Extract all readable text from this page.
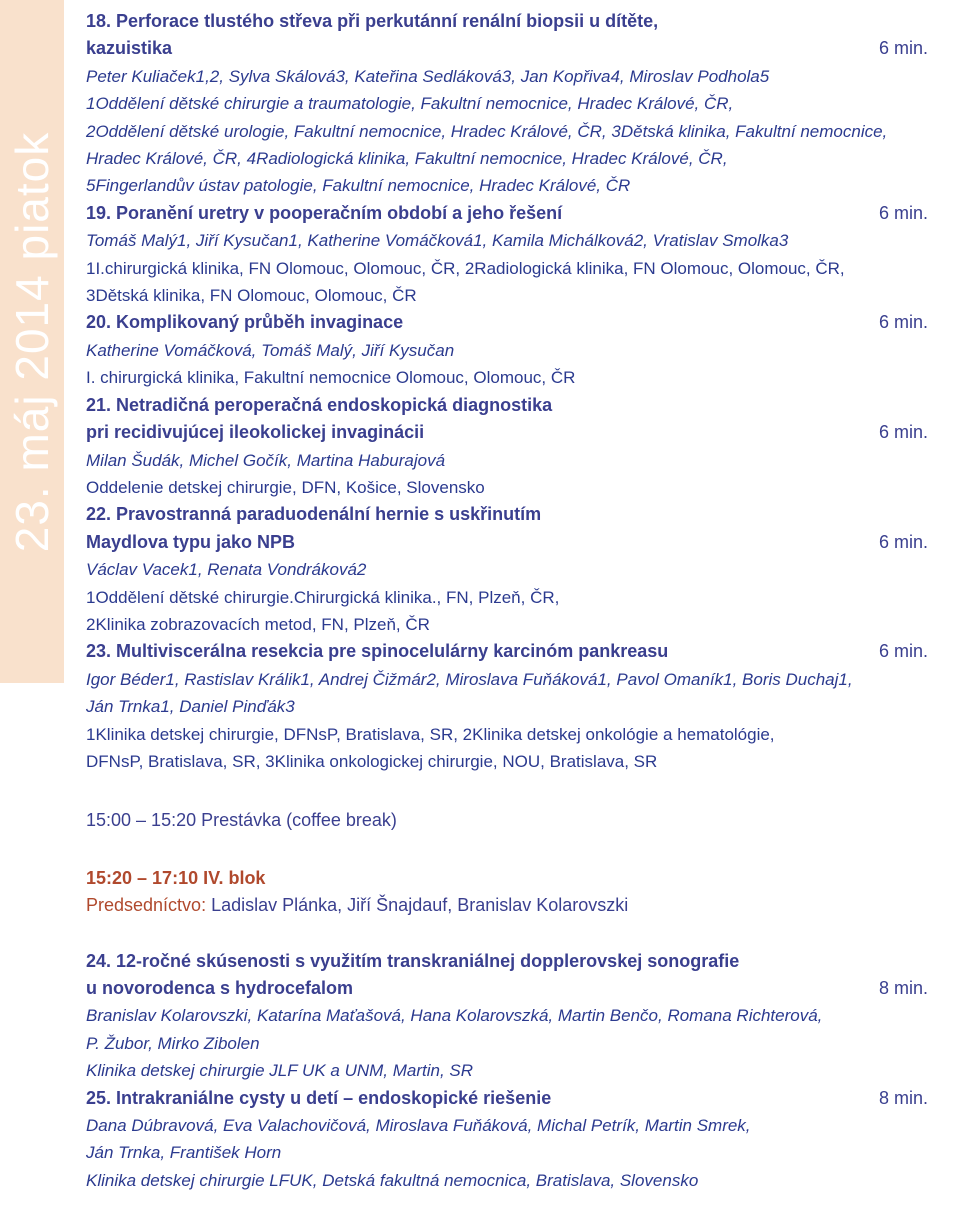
23. máj 2014 piatok
18. Perforace tlustého střeva při perkutánní renální biopsii u dítěte,
kazuistika	6 min.
Peter Kuliaček1,2, Sylva Skálová3, Kateřina Sedláková3, Jan Kopřiva4, Miroslav Podhola5
1Oddělení dětské chirurgie a traumatologie, Fakultní nemocnice, Hradec Králové, ČR,
2Oddělení dětské urologie, Fakultní nemocnice, Hradec Králové, ČR, 3Dětská klinika, Fakultní nemocnice,
Hradec Králové, ČR, 4Radiologická klinika, Fakultní nemocnice, Hradec Králové, ČR,
5Fingerlandův ústav patologie, Fakultní nemocnice, Hradec Králové, ČR
19. Poranění uretry v pooperačním období a jeho řešení	6 min.
Tomáš Malý1, Jiří Kysučan1, Katherine Vomáčková1, Kamila Michálková2, Vratislav Smolka3
1I.chirurgická klinika, FN Olomouc, Olomouc, ČR, 2Radiologická klinika, FN Olomouc, Olomouc, ČR,
3Dětská klinika, FN Olomouc, Olomouc, ČR
20. Komplikovaný průběh invaginace	6 min.
Katherine Vomáčková, Tomáš Malý, Jiří Kysučan
I. chirurgická klinika, Fakultní nemocnice Olomouc, Olomouc, ČR
21. Netradičná peroperačná endoskopická diagnostika
pri recidivujúcej ileokolickej invaginácii	6 min.
Milan Šudák, Michel Gočík, Martina Haburajová
Oddelenie detskej chirurgie, DFN, Košice, Slovensko
22. Pravostranná paraduodenální hernie s uskřinutím
Maydlova typu jako NPB	6 min.
Václav Vacek1, Renata Vondráková2
1Oddělení dětské chirurgie.Chirurgická klinika., FN, Plzeň, ČR,
2Klinika zobrazovacích metod, FN, Plzeň, ČR
23. Multiviscerálna resekcia pre spinocelulárny karcinóm pankreasu	6 min.
Igor Béder1, Rastislav Králik1, Andrej Čižmár2, Miroslava Fuňáková1, Pavol Omaník1, Boris Duchaj1,
Ján Trnka1, Daniel Pinďák3
1Klinika detskej chirurgie, DFNsP, Bratislava, SR, 2Klinika detskej onkológie a hematológie,
DFNsP, Bratislava, SR, 3Klinika onkologickej chirurgie, NOU, Bratislava, SR
15:00 – 15:20 Prestávka (coffee break)
15:20 – 17:10 IV. blok
Predsedníctvo: Ladislav Plánka, Jiří Šnajdauf, Branislav Kolarovszki
24. 12-ročné skúsenosti s využitím transkraniálnej dopplerovskej sonografie
u novorodenca s hydrocefalom	8 min.
Branislav Kolarovszki, Katarína Maťašová, Hana Kolarovszká, Martin Benčo, Romana Richterová,
P. Žubor, Mirko Zibolen
Klinika detskej chirurgie JLF UK a UNM, Martin, SR
25. Intrakraniálne cysty u detí – endoskopické riešenie	8 min.
Dana Dúbravová, Eva Valachovičová, Miroslava Fuňáková, Michal Petrík, Martin Smrek,
Ján Trnka, František Horn
Klinika detskej chirurgie LFUK, Detská fakultná nemocnica, Bratislava, Slovensko
